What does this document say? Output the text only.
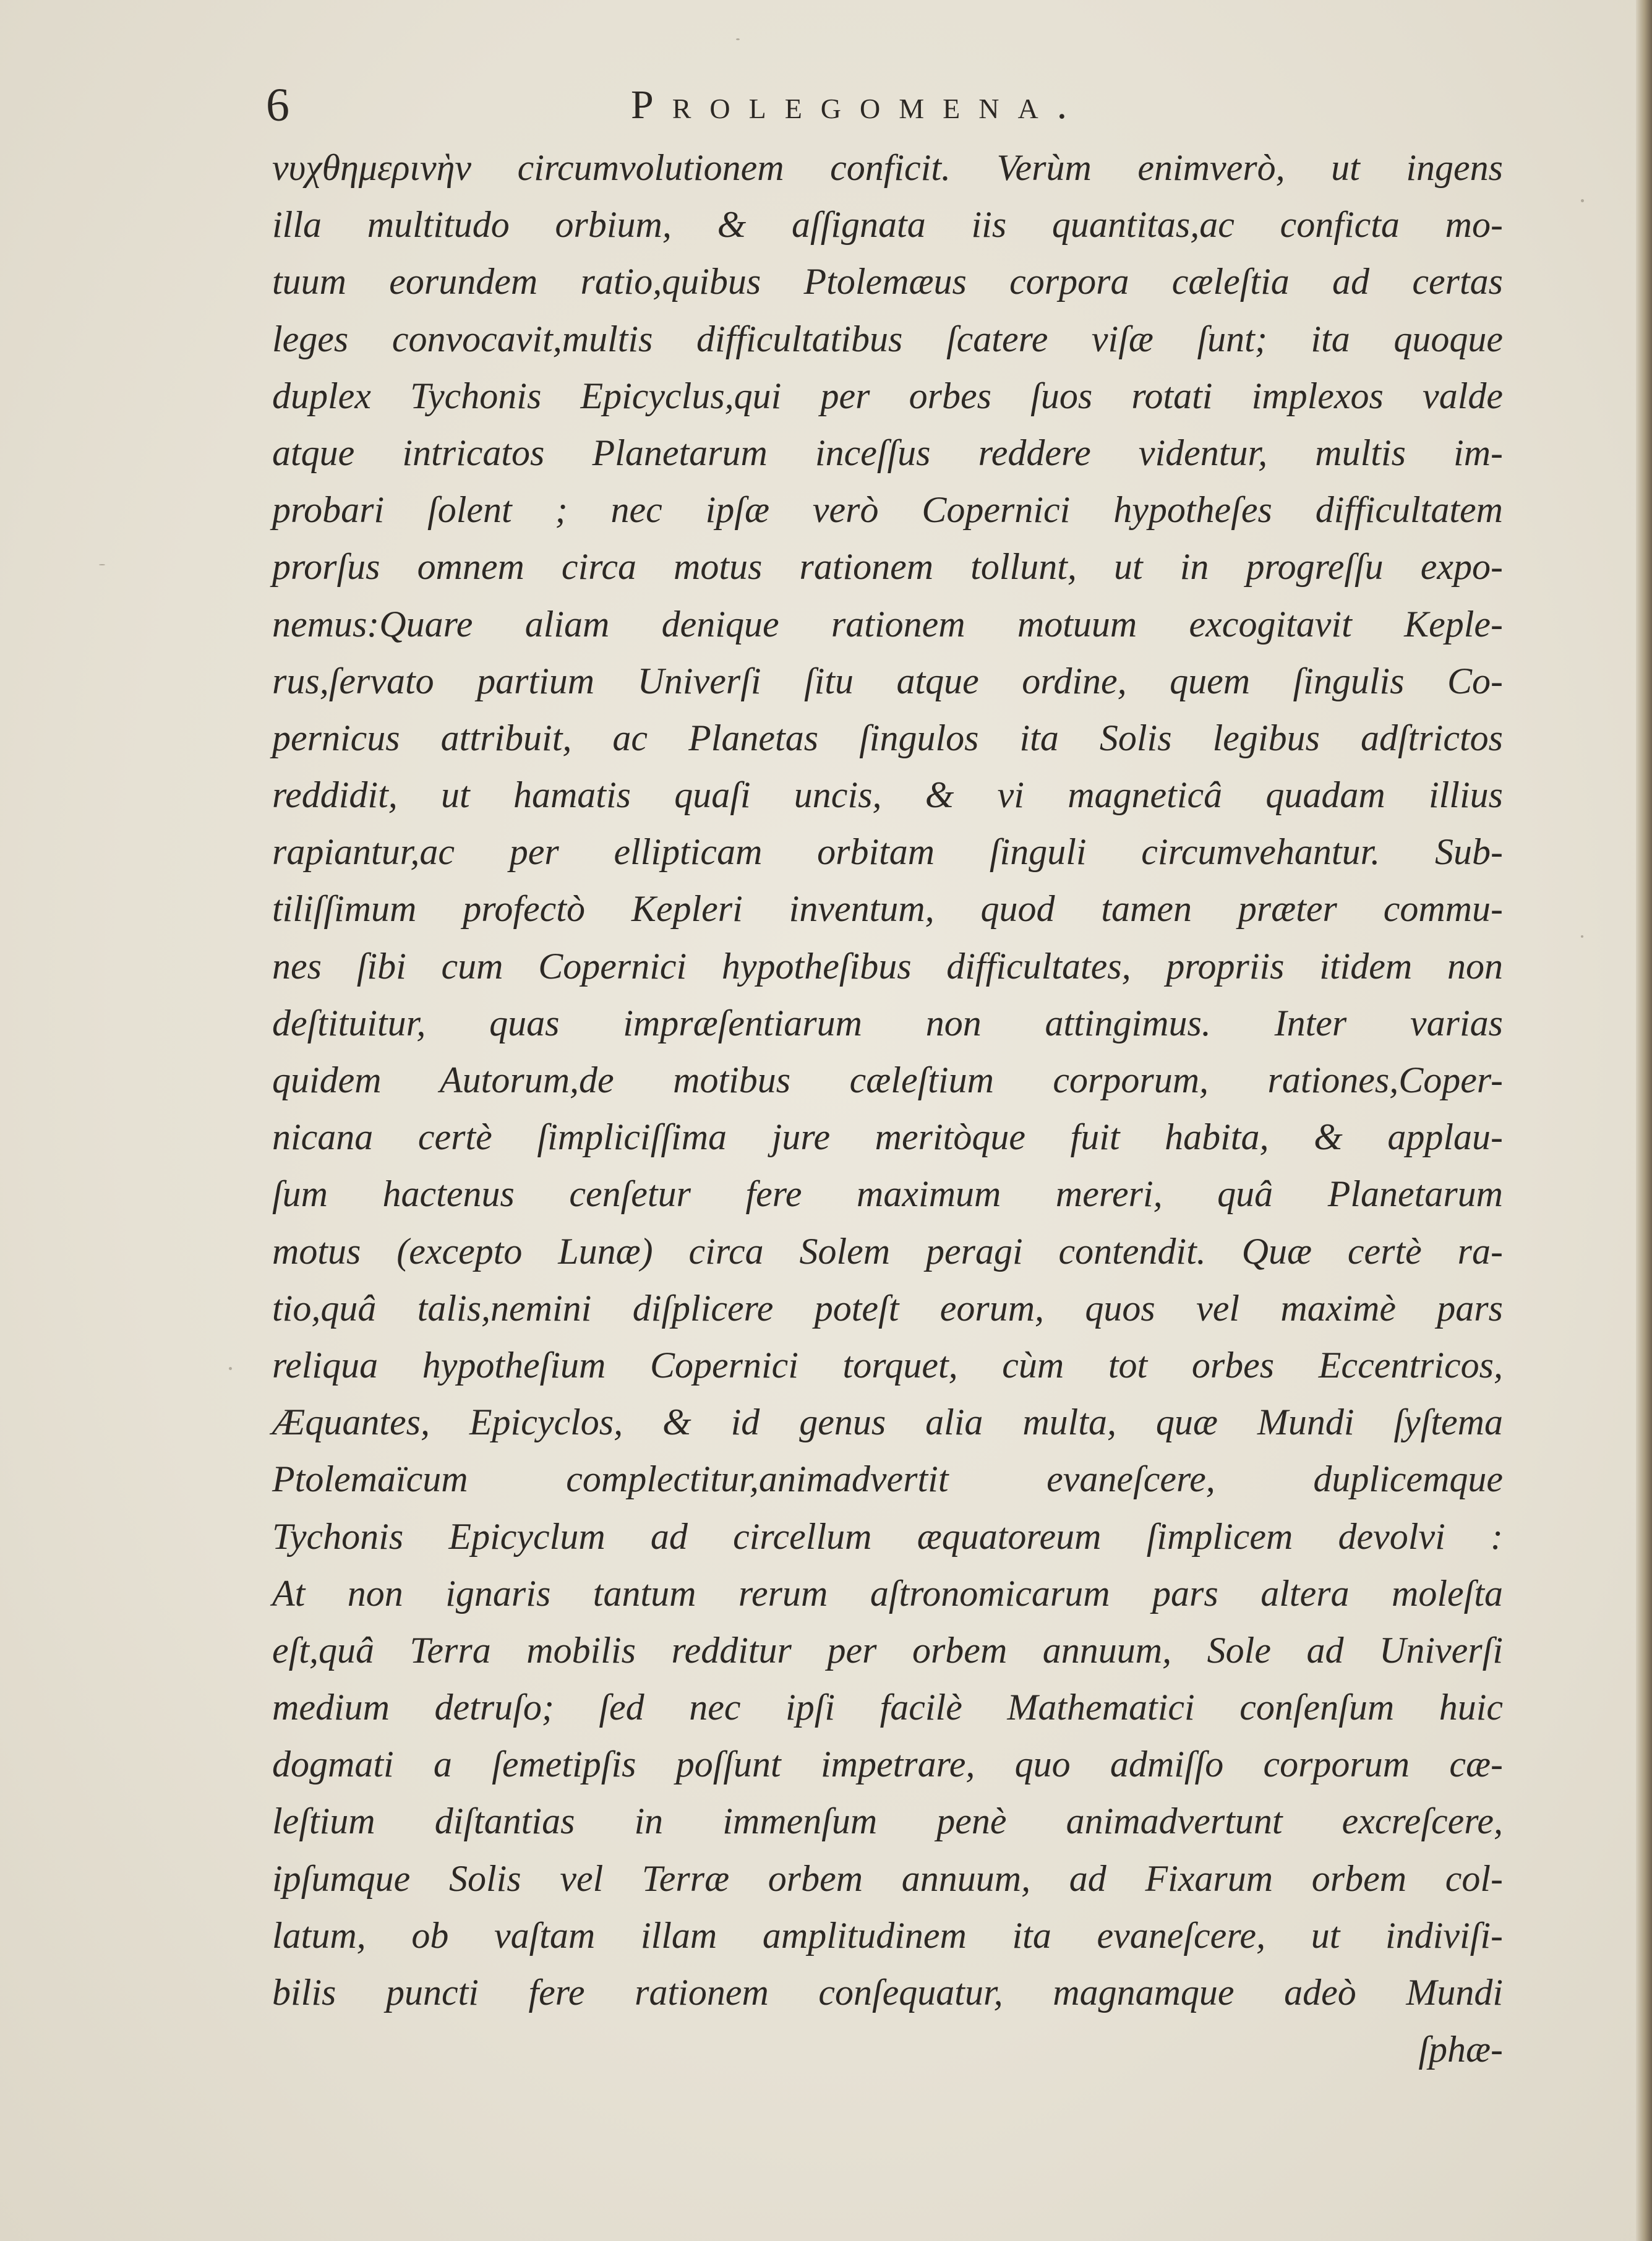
6	Prolegomena.
νυχθημερινὴν circumvolutionem conficit. Verùm enimverò, ut ingens
illa multitudo orbium, & aſſignata iis quantitas,ac conficta mo-
tuum eorundem ratio,quibus Ptolemæus corpora cæleſtia ad certas
leges convocavit,multis difficultatibus ſcatere viſæ ſunt; ita quoque
duplex Tychonis Epicyclus,qui per orbes ſuos rotati implexos valde
atque intricatos Planetarum inceſſus reddere videntur, multis im-
probari ſolent ; nec ipſæ verò Copernici hypotheſes difficultatem
prorſus omnem circa motus rationem tollunt, ut in progreſſu expo-
nemus:Quare aliam denique rationem motuum excogitavit Keple-
rus,ſervato partium Univerſi ſitu atque ordine, quem ſingulis Co-
pernicus attribuit, ac Planetas ſingulos ita Solis legibus adſtrictos
reddidit, ut hamatis quaſi uncis, & vi magneticâ quadam illius
rapiantur,ac per ellipticam orbitam ſinguli circumvehantur. Sub-
tiliſſimum profectò Kepleri inventum, quod tamen præter commu-
nes ſibi cum Copernici hypotheſibus difficultates, propriis itidem non
deſtituitur, quas impræſentiarum non attingimus. Inter varias
quidem Autorum,de motibus cæleſtium corporum, rationes,Coper-
nicana certè ſimpliciſſima jure meritòque fuit habita, & applau-
ſum hactenus cenſetur fere maximum mereri, quâ Planetarum
motus (excepto Lunæ) circa Solem peragi contendit. Quæ certè ra-
tio,quâ talis,nemini diſplicere poteſt eorum, quos vel maximè pars
reliqua hypotheſium Copernici torquet, cùm tot orbes Eccentricos,
Æquantes, Epicyclos, & id genus alia multa, quæ Mundi ſyſtema
Ptolemaïcum complectitur,animadvertit evaneſcere, duplicemque
Tychonis Epicyclum ad circellum æquatoreum ſimplicem devolvi :
At non ignaris tantum rerum aſtronomicarum pars altera moleſta
eſt,quâ Terra mobilis redditur per orbem annuum, Sole ad Univerſi
medium detruſo; ſed nec ipſi facilè Mathematici conſenſum huic
dogmati a ſemetipſis poſſunt impetrare, quo admiſſo corporum cæ-
leſtium diſtantias in immenſum penè animadvertunt excreſcere,
ipſumque Solis vel Terræ orbem annuum, ad Fixarum orbem col-
latum, ob vaſtam illam amplitudinem ita evaneſcere, ut indiviſi-
bilis puncti fere rationem conſequatur, magnamque adeò Mundi
ſphæ-
